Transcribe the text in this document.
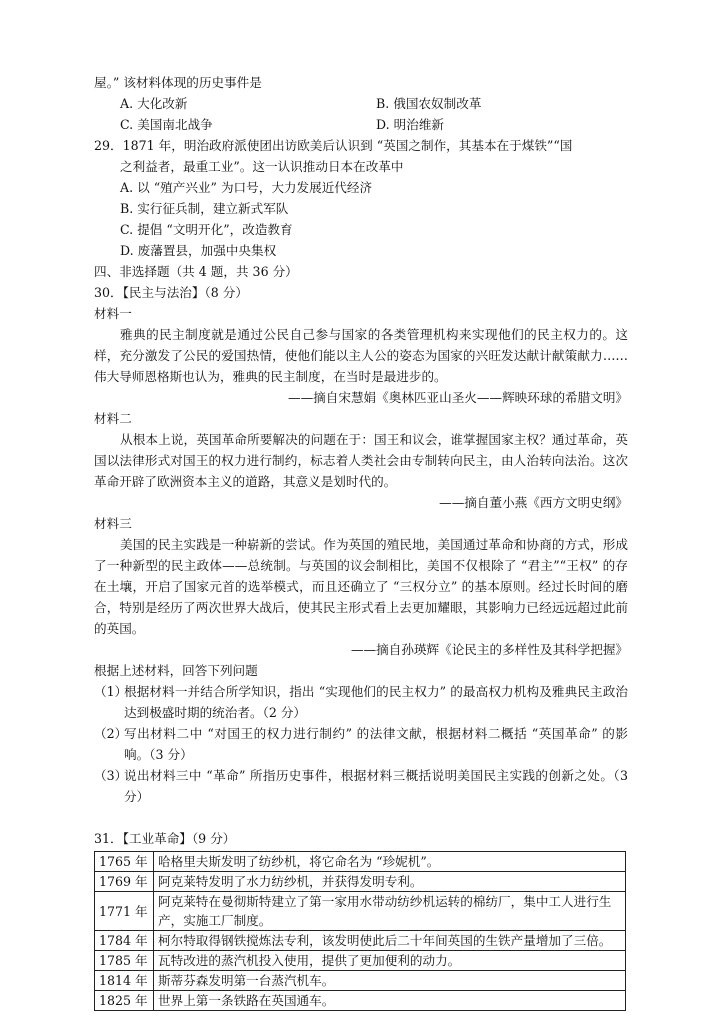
屋。” 该材料体现的历史事件是
A. 大化改新	B. 俄国农奴制改革
C. 美国南北战争	D. 明治维新
29．1871 年，明治政府派使团出访欧美后认识到 “英国之制作，其基本在于煤铁”“国
之利益者，最重工业”。这一认识推动日本在改革中
A. 以 “殖产兴业” 为口号，大力发展近代经济
B. 实行征兵制，建立新式军队
C. 提倡 “文明开化”，改造教育
D. 废藩置县，加强中央集权
四、非选择题（共 4 题，共 36 分）
30．【民主与法治】（8 分）
材料一
雅典的民主制度就是通过公民自己参与国家的各类管理机构来实现他们的民主权力的。这样，充分激发了公民的爱国热情，使他们能以主人公的姿态为国家的兴旺发达献计献策献力……伟大导师恩格斯也认为，雅典的民主制度，在当时是最进步的。
——摘自宋慧娟《奥林匹亚山圣火——辉映环球的希腊文明》
材料二
从根本上说，英国革命所要解决的问题在于：国王和议会，谁掌握国家主权？通过革命，英国以法律形式对国王的权力进行制约，标志着人类社会由专制转向民主，由人治转向法治。这次革命开辟了欧洲资本主义的道路，其意义是划时代的。
——摘自董小燕《西方文明史纲》
材料三
美国的民主实践是一种崭新的尝试。作为英国的殖民地，美国通过革命和协商的方式，形成了一种新型的民主政体——总统制。与英国的议会制相比，美国不仅根除了 “君主”“王权” 的存在土壤，开启了国家元首的选举模式，而且还确立了 “三权分立” 的基本原则。经过长时间的磨合，特别是经历了两次世界大战后，使其民主形式看上去更加耀眼，其影响力已经远远超过此前的英国。
——摘自孙瑛辉《论民主的多样性及其科学把握》
根据上述材料，回答下列问题
（1）
根据材料一并结合所学知识，指出 “实现他们的民主权力” 的最高权力机构及雅典民主政治达到极盛时期的统治者。（2 分）
（2）
写出材料二中 “对国王的权力进行制约” 的法律文献，根据材料二概括 “英国革命” 的影响。（3 分）
（3）
说出材料三中 “革命” 所指历史事件，根据材料三概括说明美国民主实践的创新之处。（3 分）
31．【工业革命】（9 分）
1765 年	哈格里夫斯发明了纺纱机，将它命名为 “珍妮机”。
1769 年	阿克莱特发明了水力纺纱机，并获得发明专利。
1771 年	阿克莱特在曼彻斯特建立了第一家用水带动纺纱机运转的棉纺厂，集中工人进行生产，实施工厂制度。
1784 年	柯尔特取得钢铁搅炼法专利，该发明使此后二十年间英国的生铁产量增加了三倍。
1785 年	瓦特改进的蒸汽机投入使用，提供了更加便利的动力。
1814 年	斯蒂芬森发明第一台蒸汽机车。
1825 年	世界上第一条铁路在英国通车。
